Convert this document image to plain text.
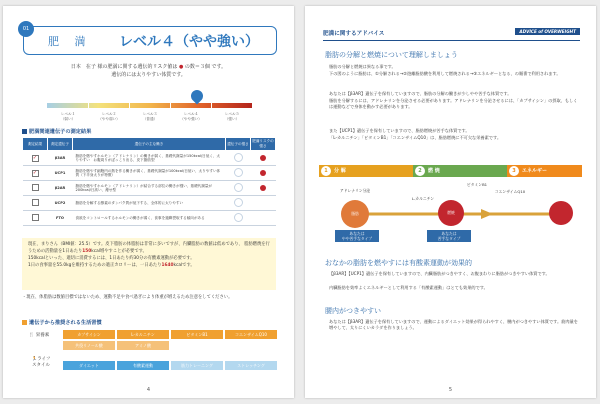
01
肥 満 レベル４（やや強い）
日本　在子 様の肥満に関する遺伝的リスク値は ● の数＝３個 です。
遺伝的には太りやすい体質です。
レベル１
（弱い）
レベル２
（やや弱い）
レベル３
（普通）
レベル４
（やや強い）
レベル５
（強い）
肥満関連遺伝子の測定結果
測定結果	測定遺伝子	遺伝子の主な働き	遺伝子の強さ	肥満リスクの
強さ
✓	β3AR	脂肪を燃やすホルモン（アドレナリン）の働きが弱く、基礎代謝量が150kcal/日低く、太りやすい　お腹周りがぽっこり出る、皮下脂肪型		
✓	UCP1	脂肪を燃やす細胞内の熱を作る働きが弱く、基礎代謝量が100kcal/日低い、太りやすい体質（下半身太りが特徴）		
	β2AR	脂肪を燃やすホルモン（アドレナリン）が結合する部位の働きが強い、基礎代謝量が200kcal/日高い、痩せ型		
	UCP2	脂肪を分解する酵素のタンパク質が低下する、全体的に太りやすい		
	FTO	食欲をコントロールするホルモンの働きが弱く、食事を過剰摂取する傾向がある		
現在、まりさん（BMI値：25.5）です。皮下脂肪の体脂肪は非常に多いですが、内臓脂肪の数値は低めであり、 脂肪燃焼を行うための活動量を1日あたり150kcal増やすことが必要です。
150kcalといった、適切に消費するには、1日あたり約30分の有酸素運動が必要です。
1日の食事量を55.0kgを維持するための適正カロリーは、一日あたり1640kcalです。
・現在、体脂肪は数値目標ではないため、運動不足や食べ過ぎにより体重が増えるため注意をしてください。
遺伝子から推奨される生活習慣
🍴 栄養素	カプサイシン	L-カルニチン	ビタミンB1	コエンザイムQ10
共役リノール酸	アミノ酸
🏃ライフ
スタイル	ダイエット	有酸素運動	筋力トレーニング	ストレッチング
4
肥満に関するアドバイス	ADVICE of OVERWEIGHT
脂肪の分解と燃焼について理解しましょう
脂肪の分解と燃焼は異なる事です。
下の図のように脂肪は、①分解される→②遊離脂肪酸を利用して燃焼される→③エネルギーとなる、の順番で利用されます。
あなたは【β3AR】遺伝子を保有していますので、脂肪の分解の働きが少しやや苦手な体質です。
脂肪を分解するには、アドレナリンを分泌させる必要があります。アドレナリンを分泌させるには、「カプサイシン」の摂取、もしくは運動などで身体を動かす必要があります。
また【UCP1】遺伝子を保有していますので、脂肪燃焼が苦手な体質です。
「L-カルニチン」「ビタミンB1」「コエンザイムQ10」は、脂肪燃焼に不可欠な栄養素です。
1 分 解	2 燃 焼	3 エネルギー
脂肪
アドレナリン分泌
燃焼
L-カルニチン
ビタミンB1
コエンザイムQ10
あなたは
やや苦手なタイプ
あなたは
苦手なタイプ
おなかの脂肪を燃やすには有酸素運動が効果的
【β3AR】【UCP1】遺伝子を保有していますので、内臓脂肪がつきやすく、お腹まわりに脂肪がつきやすい体質です。
内臓脂肪を効率よくエネルギーとして利用する「有酸素運動」はとても効果的です。
腰内がつきやすい
あなたは【β3AR】遺伝子を保有していますので、運動によるダイエット効果が得られやすく、腰内がつきやすい体質です。筋肉量を増やして、太りにくいカラダを作りましょう。
5
